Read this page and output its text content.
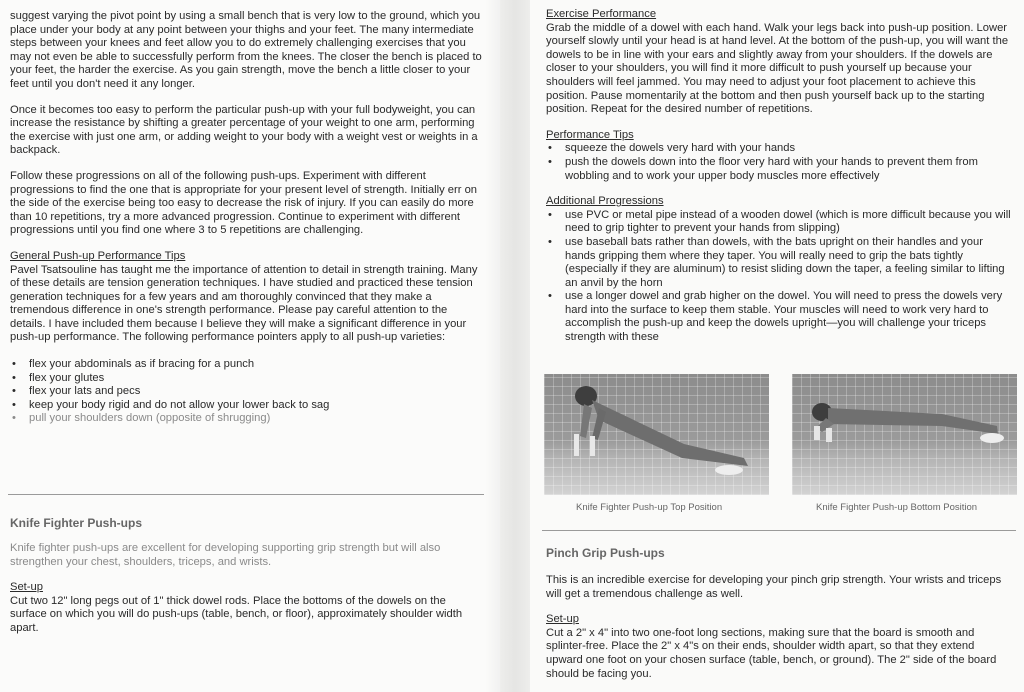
suggest varying the pivot point by using a small bench that is very low to the ground, which you place under your body at any point between your thighs and your feet. The many intermediate steps between your knees and feet allow you to do extremely challenging exercises that you may not even be able to successfully perform from the knees. The closer the bench is placed to your feet, the harder the exercise. As you gain strength, move the bench a little closer to your feet until you don't need it any longer.

Once it becomes too easy to perform the particular push-up with your full bodyweight, you can increase the resistance by shifting a greater percentage of your weight to one arm, performing the exercise with just one arm, or adding weight to your body with a weight vest or weights in a backpack.

Follow these progressions on all of the following push-ups. Experiment with different progressions to find the one that is appropriate for your present level of strength. Initially err on the side of the exercise being too easy to decrease the risk of injury. If you can easily do more than 10 repetitions, try a more advanced progression. Continue to experiment with different progressions until you find one where 3 to 5 repetitions are challenging.

General Push-up Performance Tips

Pavel Tsatsouline has taught me the importance of attention to detail in strength training. Many of these details are tension generation techniques. I have studied and practiced these tension generation techniques for a few years and am thoroughly convinced that they make a tremendous difference in one's strength performance. Please pay careful attention to the details. I have included them because I believe they will make a significant difference in your push-up performance. The following performance pointers apply to all push-up varieties:

• flex your abdominals as if bracing for a punch
• flex your glutes
• flex your lats and pecs
• keep your body rigid and do not allow your lower back to sag
• pull your shoulders down (opposite of shrugging)
Knife Fighter Push-ups

Knife fighter push-ups are excellent for developing supporting grip strength but will also strengthen your chest, shoulders, triceps, and wrists.

Set-up

Cut two 12" long pegs out of 1" thick dowel rods. Place the bottoms of the dowels on the surface on which you will do push-ups (table, bench, or floor), approximately shoulder width apart.

Exercise Performance

Grab the middle of a dowel with each hand. Walk your legs back into push-up position. Lower yourself slowly until your head is at hand level. At the bottom of the push-up, you will want the dowels to be in line with your ears and slightly away from your shoulders. If the dowels are closer to your shoulders, you will find it more difficult to push yourself up because your shoulders will feel jammed. You may need to adjust your foot placement to achieve this position. Pause momentarily at the bottom and then push yourself back up to the starting position. Repeat for the desired number of repetitions.

Performance Tips
• squeeze the dowels very hard with your hands
• push the dowels down into the floor very hard with your hands to prevent them from wobbling and to work your upper body muscles more effectively
Additional Progressions
• use PVC or metal pipe instead of a wooden dowel (which is more difficult because you will need to grip tighter to prevent your hands from slipping)
• use baseball bats rather than dowels, with the bats upright on their handles and your hands gripping them where they taper. You will really need to grip the bats tightly (especially if they are aluminum) to resist sliding down the taper, a feeling similar to lifting an anvil by the horn
• use a longer dowel and grab higher on the dowel. You will need to press the dowels very hard into the surface to keep them stable. Your muscles will need to work very hard to accomplish the push-up and keep the dowels upright—you will challenge your triceps strength with these
Knife Fighter Push-up Top Position	Knife Fighter Push-up Bottom Position
Pinch Grip Push-ups

This is an incredible exercise for developing your pinch grip strength. Your wrists and triceps will get a tremendous challenge as well.

Set-up

Cut a 2" x 4" into two one-foot long sections, making sure that the board is smooth and splinter-free. Place the 2" x 4"s on their ends, shoulder width apart, so that they extend upward one foot on your chosen surface (table, bench, or ground). The 2" side of the board should be facing you.
